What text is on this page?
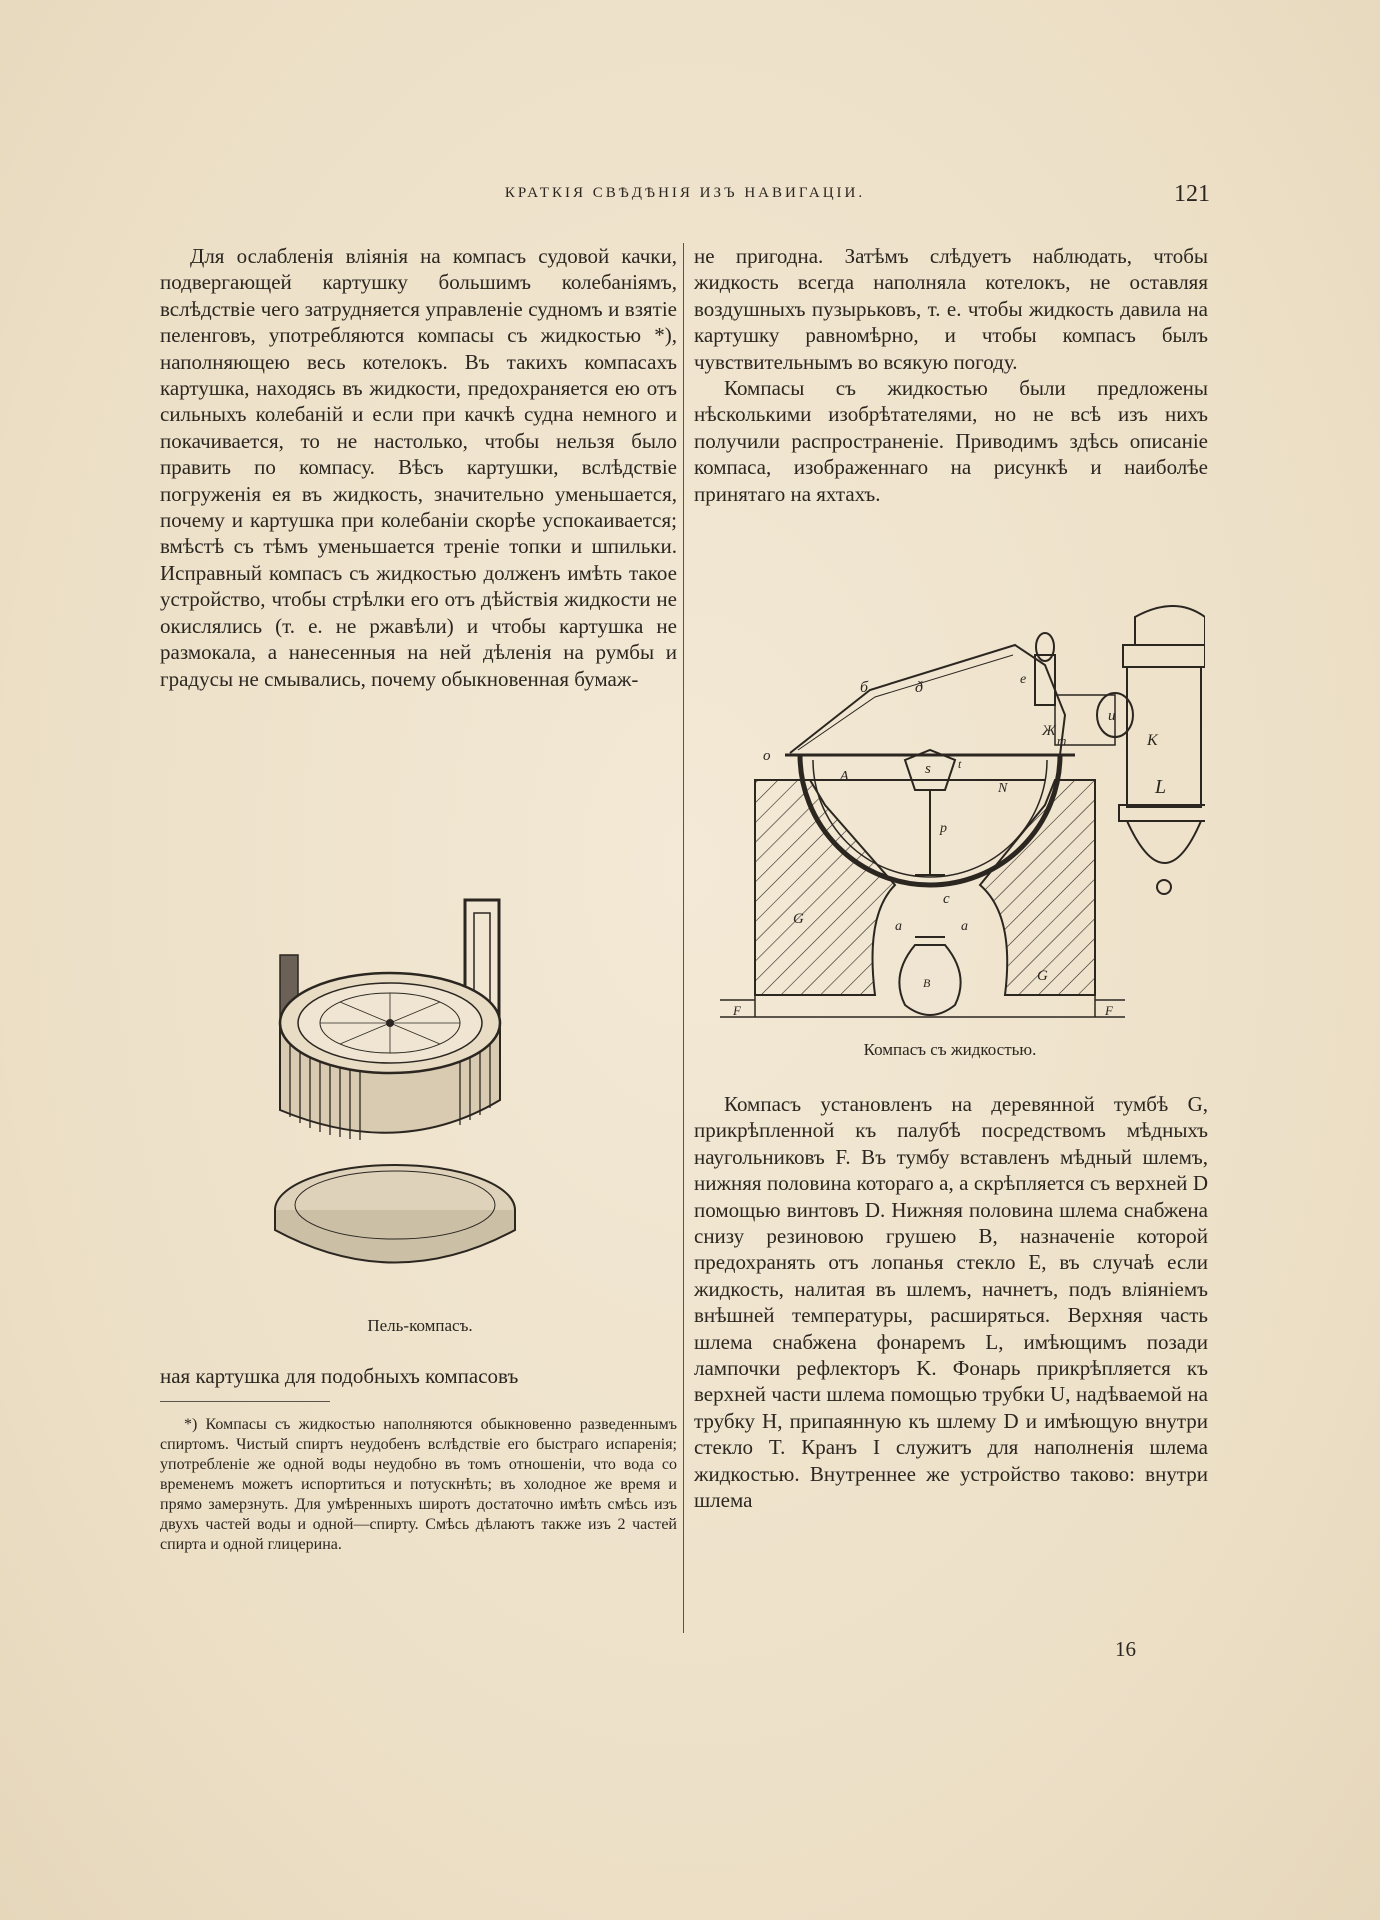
КРАТКІЯ СВѢДѢНІЯ ИЗЪ НАВИГАЦІИ.	121

Для ослабленія вліянія на компасъ судовой качки, подвергающей картушку большимъ колебаніямъ, вслѣдствіе чего затрудняется управленіе судномъ и взятіе пеленговъ, употребляются компасы съ жидкостью *), наполняющею весь котелокъ. Въ такихъ компасахъ картушка, находясь въ жидкости, предохраняется ею отъ сильныхъ колебаній и если при качкѣ судна немного и покачивается, то не настолько, чтобы нельзя было править по компасу. Вѣсъ картушки, вслѣдствіе погруженія ея въ жидкость, значительно уменьшается, почему и картушка при колебаніи скорѣе успокаивается; вмѣстѣ съ тѣмъ уменьшается треніе топки и шпильки. Исправный компасъ съ жидкостью долженъ имѣть такое устройство, чтобы стрѣлки его отъ дѣйствія жидкости не окислялись (т. е. не ржавѣли) и чтобы картушка не размокала, а нанесенныя на ней дѣленія на румбы и градусы не смывались, почему обыкновенная бумаж-

Пель-компасъ.

ная картушка для подобныхъ компасовъ

*) Компасы съ жидкостью наполняются обыкновенно разведеннымъ спиртомъ. Чистый спиртъ неудобенъ вслѣдствіе его быстраго испаренія; употребленіе же одной воды неудобно въ томъ отношеніи, что вода со временемъ можетъ испортиться и потускнѣть; въ холодное же время и прямо замерзнуть. Для умѣренныхъ широтъ достаточно имѣть смѣсь изъ двухъ частей воды и одной—спирту. Смѣсь дѣлаютъ также изъ 2 частей спирта и одной глицерина.

не пригодна. Затѣмъ слѣдуетъ наблюдать, чтобы жидкость всегда наполняла котелокъ, не оставляя воздушныхъ пузырьковъ, т. е. чтобы жидкость давила на картушку равномѣрно, и чтобы компасъ былъ чувствительнымъ во всякую погоду.

Компасы съ жидкостью были предложены нѣсколькими изобрѣтателями, но не всѣ изъ нихъ получили распространеніе. Приводимъ здѣсь описаніе компаса, изображеннаго на рисункѣ и наиболѣе принятаго на яхтахъ.

б	ð	e
Ж
т
u
K
L
A	s
N
p
c
a	a
B
G
G
F	F
o	t
Компасъ съ жидкостью.

Компасъ установленъ на деревянной тумбѣ G, прикрѣпленной къ палубѣ посредствомъ мѣдныхъ наугольниковъ F. Въ тумбу вставленъ мѣдный шлемъ, нижняя половина котораго a, a скрѣпляется съ верхней D помощью винтовъ D. Нижняя половина шлема снабжена снизу резиновою грушею B, назначеніе которой предохранять отъ лопанья стекло E, въ случаѣ если жидкость, налитая въ шлемъ, начнетъ, подъ вліяніемъ внѣшней температуры, расширяться. Верхняя часть шлема снабжена фонаремъ L, имѣющимъ позади лампочки рефлекторъ K. Фонарь прикрѣпляется къ верхней части шлема помощью трубки U, надѣваемой на трубку H, припаянную къ шлему D и имѣющую внутри стекло T. Кранъ I служитъ для наполненія шлема жидкостью. Внутреннее же устройство таково: внутри шлема

16
